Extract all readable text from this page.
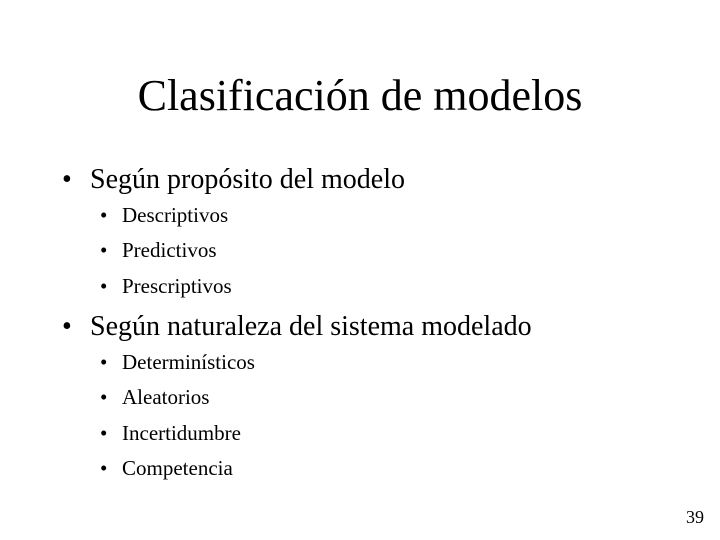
Clasificación de modelos
• Según propósito del modelo
• Descriptivos
• Predictivos
• Prescriptivos
• Según naturaleza del sistema modelado
• Determinísticos
• Aleatorios
• Incertidumbre
• Competencia
39
